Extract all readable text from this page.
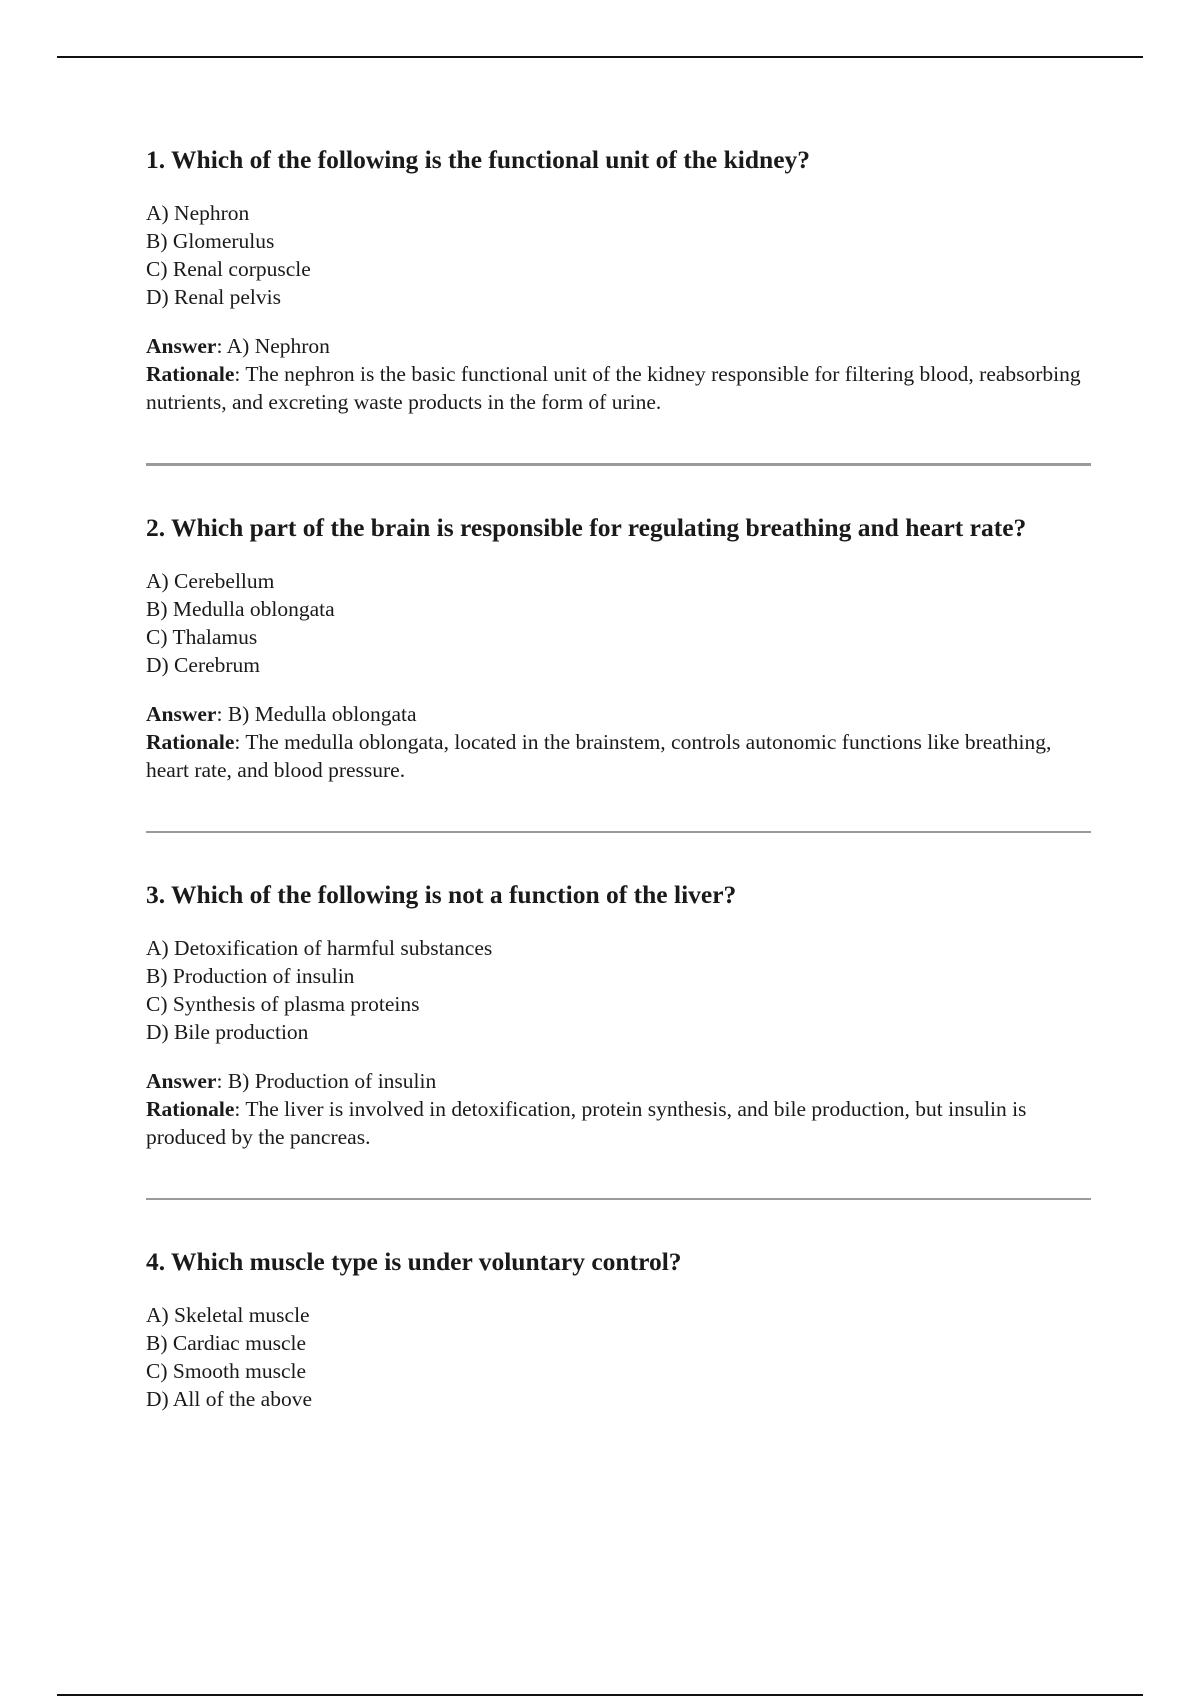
1. Which of the following is the functional unit of the kidney?
A) Nephron
B) Glomerulus
C) Renal corpuscle
D) Renal pelvis

Answer: A) Nephron

Rationale: The nephron is the basic functional unit of the kidney responsible for filtering blood, reabsorbing nutrients, and excreting waste products in the form of urine.

2. Which part of the brain is responsible for regulating breathing and heart rate?
A) Cerebellum
B) Medulla oblongata
C) Thalamus
D) Cerebrum

Answer: B) Medulla oblongata

Rationale: The medulla oblongata, located in the brainstem, controls autonomic functions like breathing, heart rate, and blood pressure.

3. Which of the following is not a function of the liver?
A) Detoxification of harmful substances
B) Production of insulin
C) Synthesis of plasma proteins
D) Bile production

Answer: B) Production of insulin

Rationale: The liver is involved in detoxification, protein synthesis, and bile production, but insulin is produced by the pancreas.

4. Which muscle type is under voluntary control?
A) Skeletal muscle
B) Cardiac muscle
C) Smooth muscle
D) All of the above
